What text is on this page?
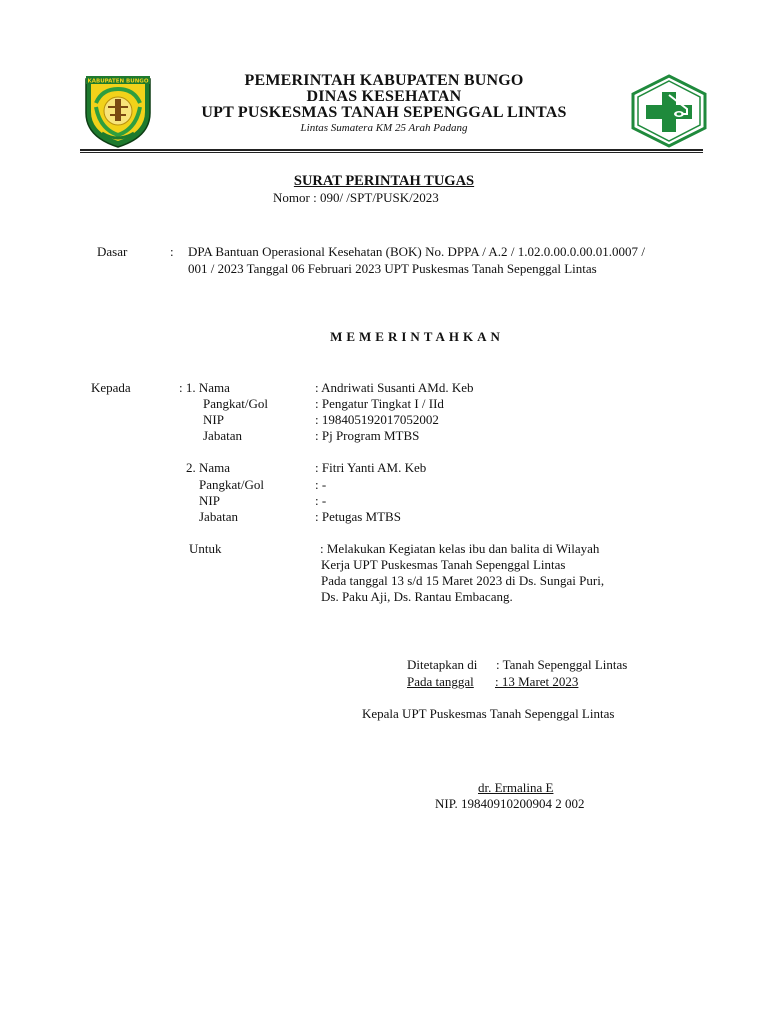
KABUPATEN BUNGO	PEMERINTAH KABUPATEN BUNGO
DINAS KESEHATAN
UPT PUSKESMAS TANAH SEPENGGAL LINTAS
Lintas Sumatera KM 25 Arah Padang
SURAT PERINTAH TUGAS
Nomor : 090/ /SPT/PUSK/2023
Dasar	: DPA Bantuan Operasional Kesehatan (BOK) No. DPPA / A.2 / 1.02.0.00.0.00.01.0007 / 001 / 2023 Tanggal 06 Februari 2023 UPT Puskesmas Tanah Sepenggal Lintas
MEMERINTAHKAN
Kepada	: 1. Nama	: Andriwati Susanti AMd. Keb
Pangkat/Gol	: Pengatur Tingkat I / IId
NIP	: 198405192017052002
Jabatan	: Pj Program MTBS
2. Nama	: Fitri Yanti AM. Keb
Pangkat/Gol	: -
NIP	: -
Jabatan	: Petugas MTBS
Untuk	: Melakukan Kegiatan kelas ibu dan balita di Wilayah
Kerja UPT Puskesmas Tanah Sepenggal Lintas
Pada tanggal 13 s/d 15 Maret 2023 di Ds. Sungai Puri,
Ds. Paku Aji, Ds. Rantau Embacang.
Ditetapkan di : Tanah Sepenggal Lintas
Pada tanggal	: 13 Maret 2023
Kepala UPT Puskesmas Tanah Sepenggal Lintas
dr. Ermalina E
NIP. 19840910200904 2 002
